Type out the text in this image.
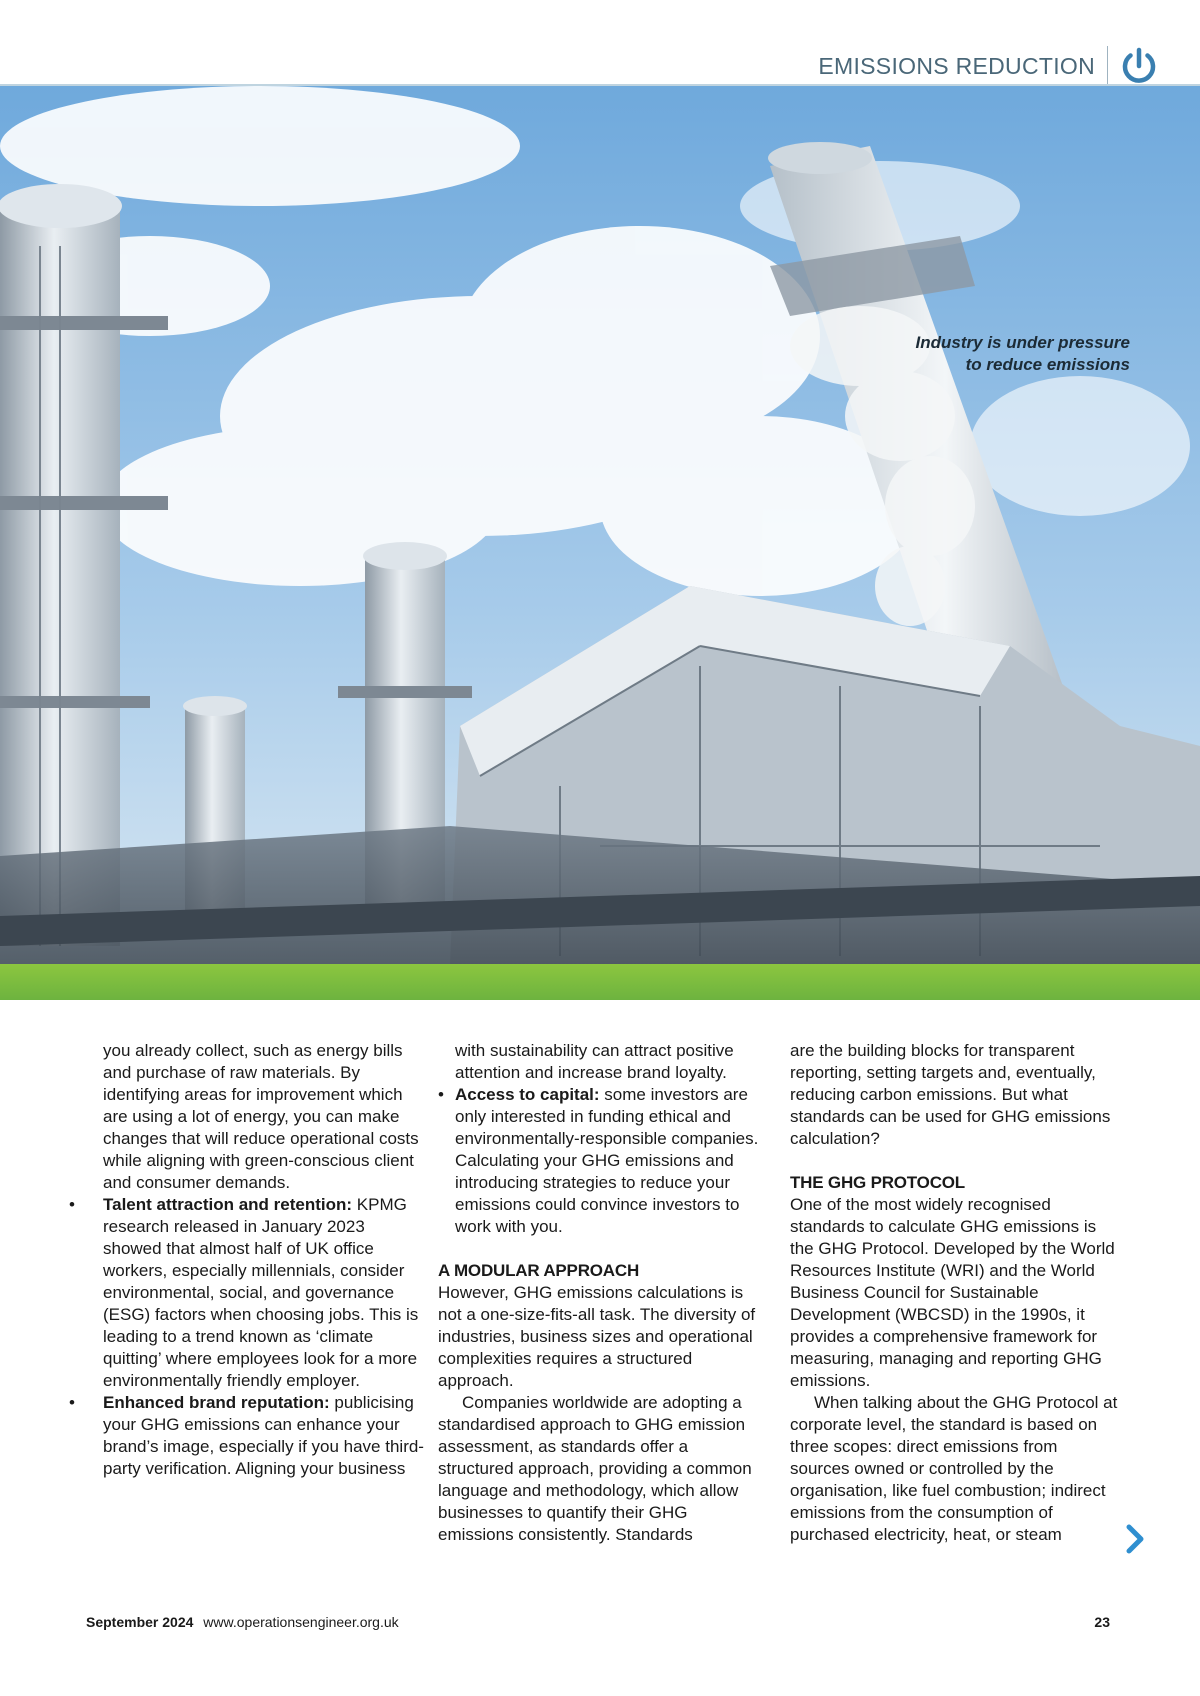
EMISSIONS REDUCTION
Industry is under pressure to reduce emissions

you already collect, such as energy bills and purchase of raw materials. By identifying areas for improvement which are using a lot of energy, you can make changes that will reduce operational costs while aligning with green-conscious client and consumer demands.

•	Talent attraction and retention: KPMG research released in January 2023 showed that almost half of UK office workers, especially millennials, consider environmental, social, and governance (ESG) factors when choosing jobs. This is leading to a trend known as ‘climate quitting’ where employees look for a more environmentally friendly employer.

•	Enhanced brand reputation: publicising your GHG emissions can enhance your brand’s image, especially if you have third-party verification. Aligning your business

with sustainability can attract positive attention and increase brand loyalty.

• Access to capital: some investors are only interested in funding ethical and environmentally-responsible companies. Calculating your GHG emissions and introducing strategies to reduce your emissions could convince investors to work with you.

A MODULAR APPROACH

However, GHG emissions calculations is not a one-size-fits-all task. The diversity of industries, business sizes and operational complexities requires a structured approach.

Companies worldwide are adopting a standardised approach to GHG emission assessment, as standards offer a structured approach, providing a common language and methodology, which allow businesses to quantify their GHG emissions consistently. Standards

are the building blocks for transparent reporting, setting targets and, eventually, reducing carbon emissions. But what standards can be used for GHG emissions calculation?

THE GHG PROTOCOL

One of the most widely recognised standards to calculate GHG emissions is the GHG Protocol. Developed by the World Resources Institute (WRI) and the World Business Council for Sustainable Development (WBCSD) in the 1990s, it provides a comprehensive framework for measuring, managing and reporting GHG emissions.

When talking about the GHG Protocol at corporate level, the standard is based on three scopes: direct emissions from sources owned or controlled by the organisation, like fuel combustion; indirect emissions from the consumption of purchased electricity, heat, or steam

September 2024 www.operationsengineer.org.uk	23
